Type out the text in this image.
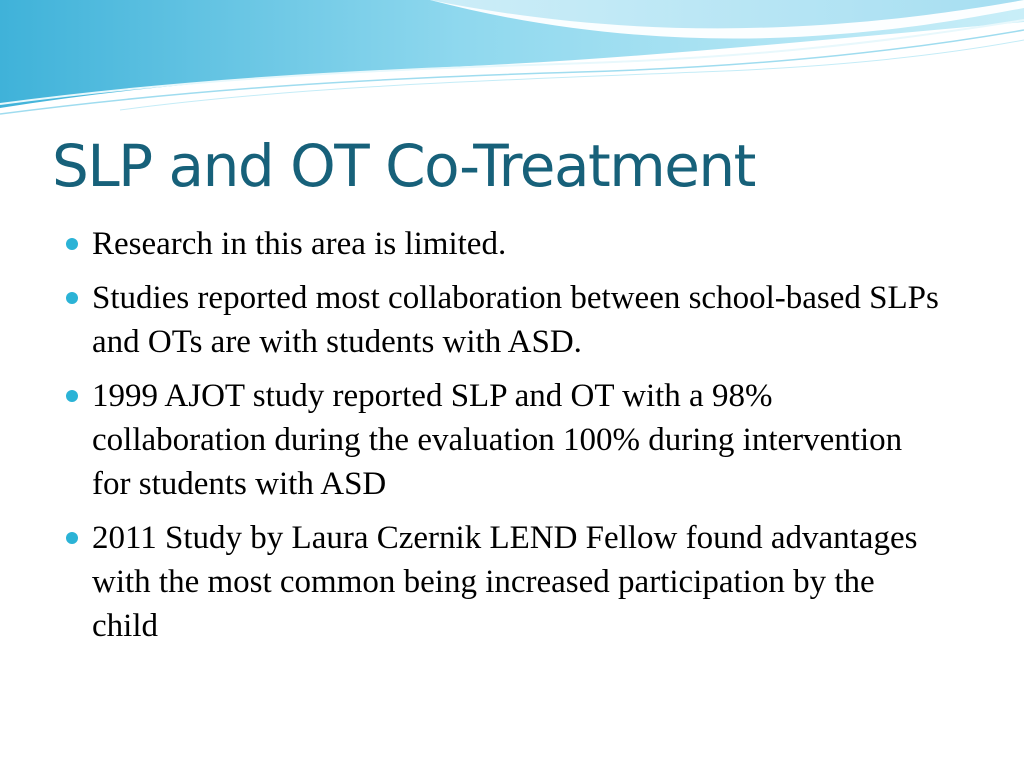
SLP and OT Co-Treatment
Research in this area is limited.
Studies reported most collaboration between school-based SLPs and OTs are with students with ASD.
1999 AJOT study reported SLP and OT with a 98% collaboration during the evaluation 100% during intervention for students with ASD
2011 Study by Laura Czernik LEND Fellow found advantages with the most common being increased participation by the child
